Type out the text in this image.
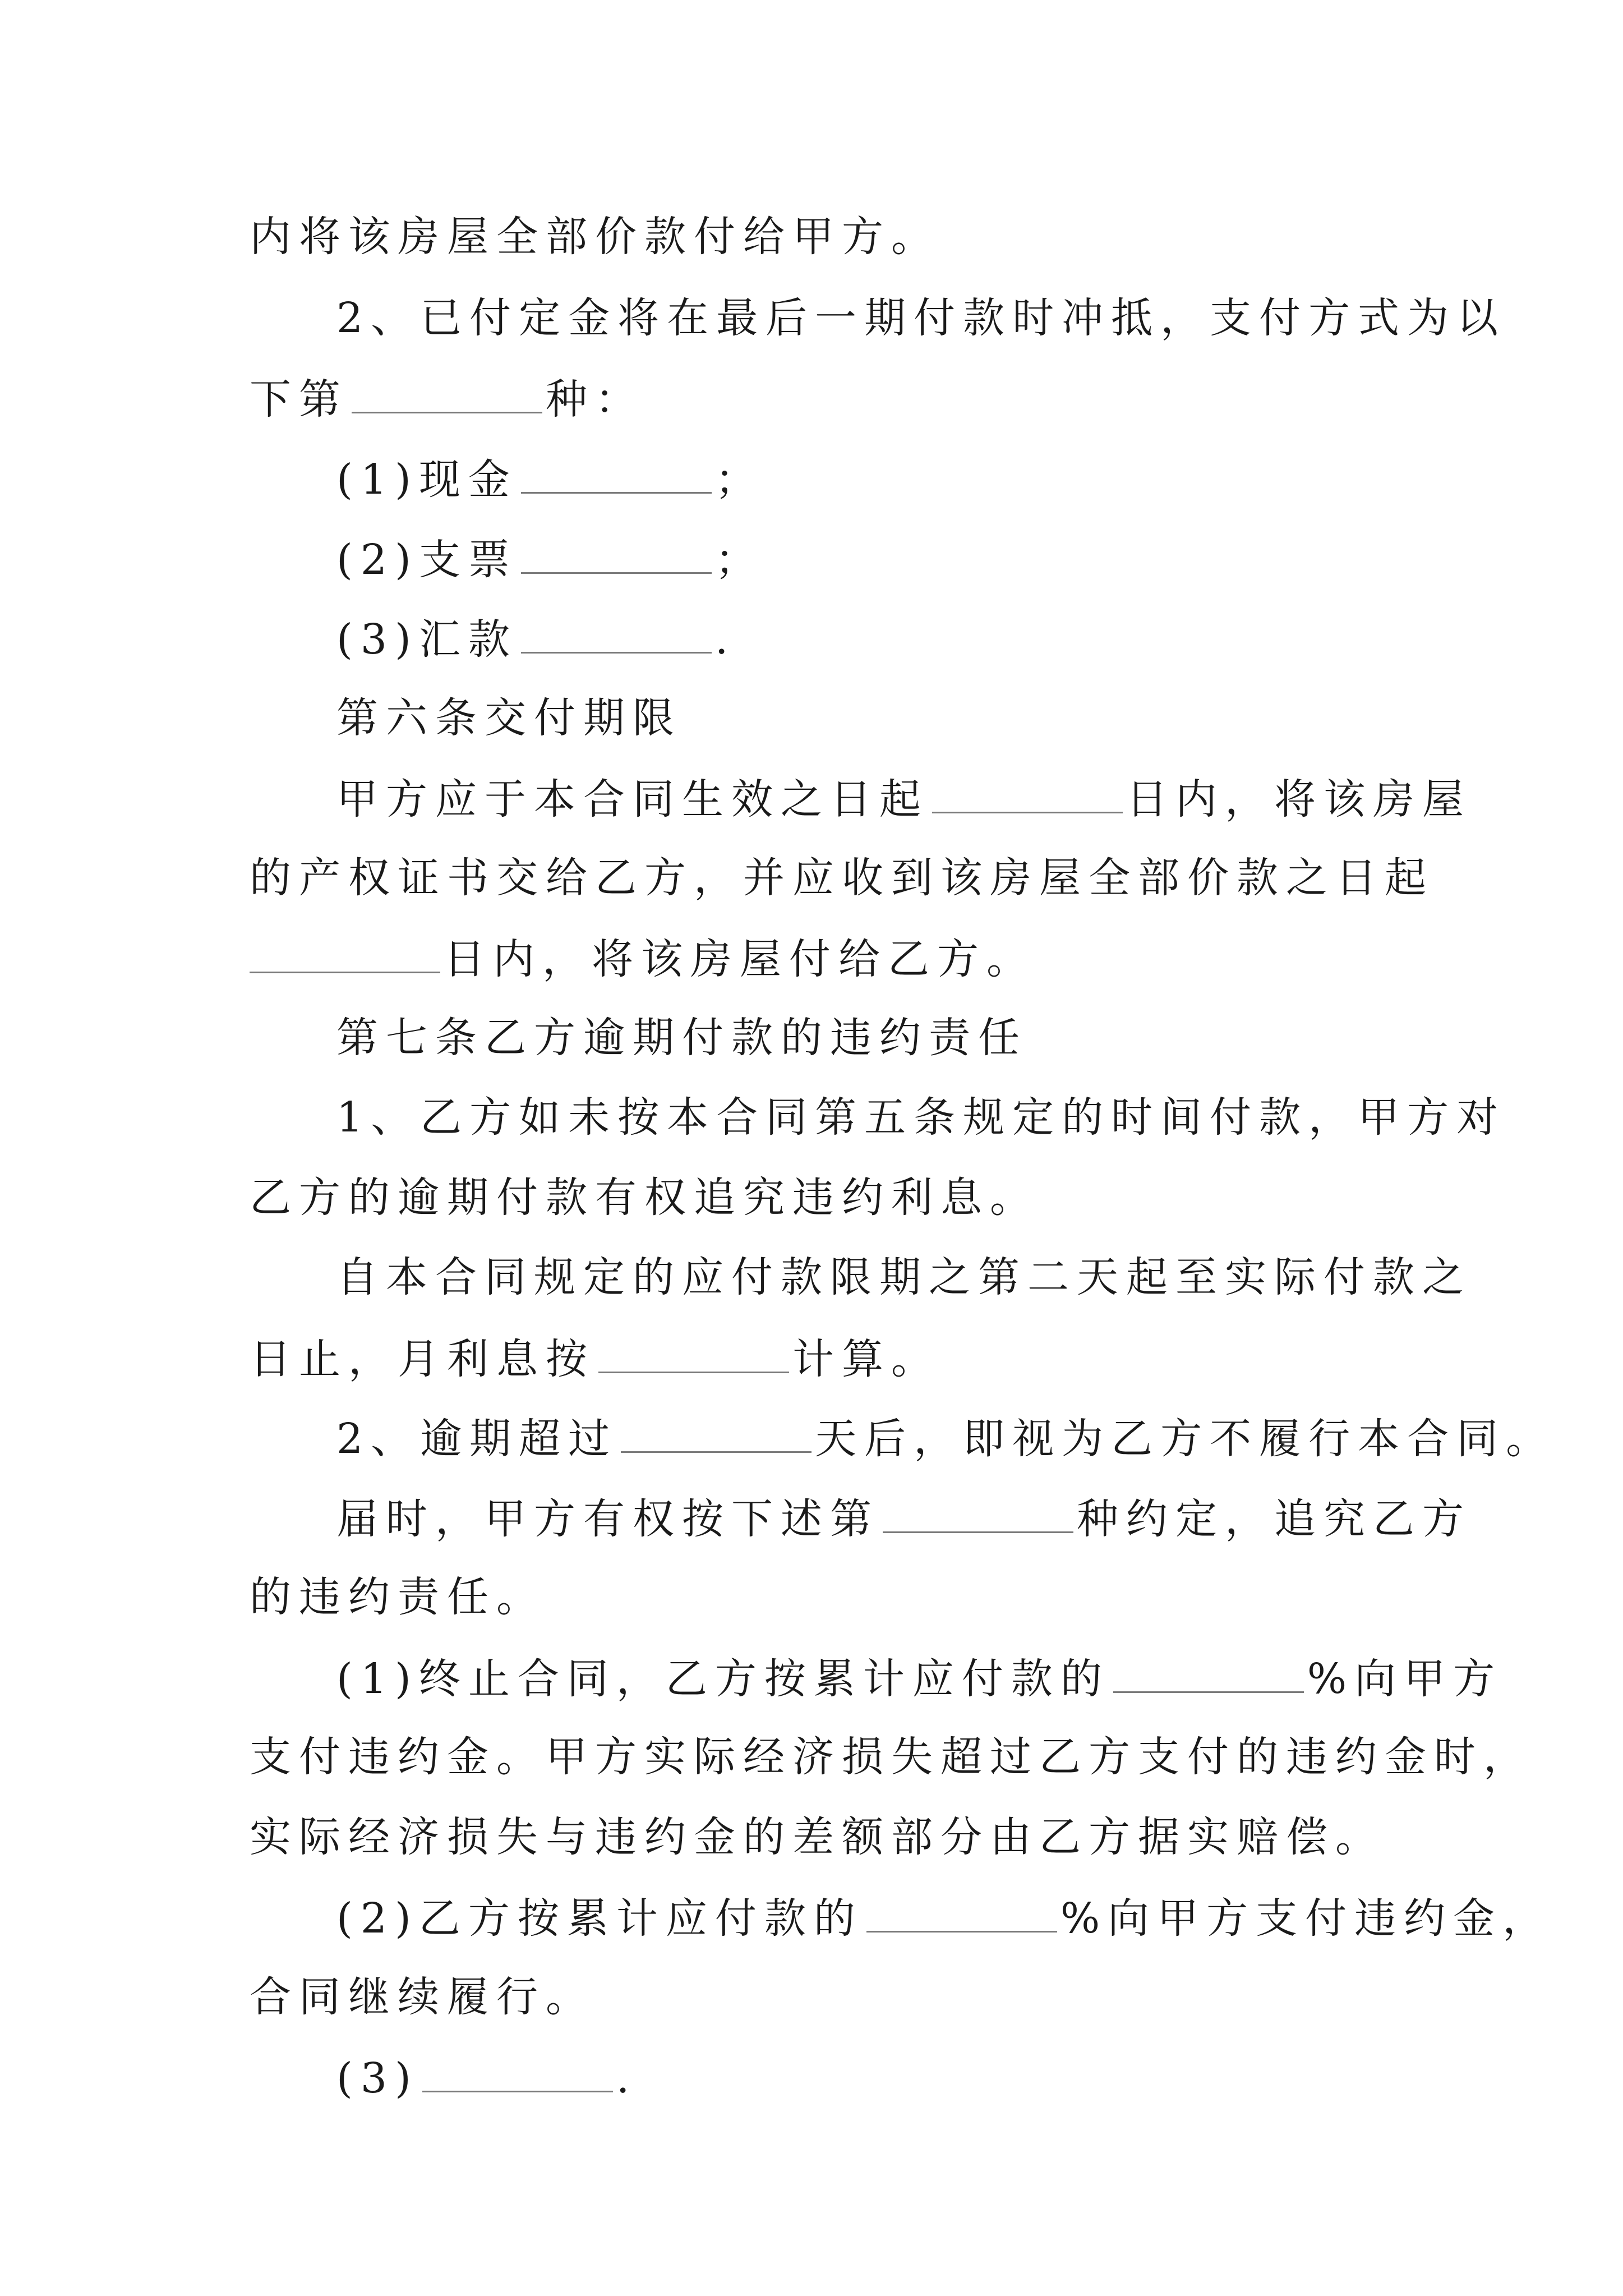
内将该房屋全部价款付给甲方。
2、已付定金将在最后一期付款时冲抵，支付方式为以
下第	种：
(1)现金	；
(2)支票	；
(3)汇款	.
第六条交付期限
甲方应于本合同生效之日起	日内，将该房屋
的产权证书交给乙方，并应收到该房屋全部价款之日起
日内，将该房屋付给乙方。
第七条乙方逾期付款的违约责任
1、乙方如未按本合同第五条规定的时间付款，甲方对
乙方的逾期付款有权追究违约利息。
自本合同规定的应付款限期之第二天起至实际付款之
日止，月利息按	计算。
2、逾期超过	天后，即视为乙方不履行本合同。
届时，甲方有权按下述第	种约定，追究乙方
的违约责任。
(1)终止合同，乙方按累计应付款的	%向甲方
支付违约金。甲方实际经济损失超过乙方支付的违约金时，
实际经济损失与违约金的差额部分由乙方据实赔偿。
(2)乙方按累计应付款的	%向甲方支付违约金，
合同继续履行。
(3)	.
